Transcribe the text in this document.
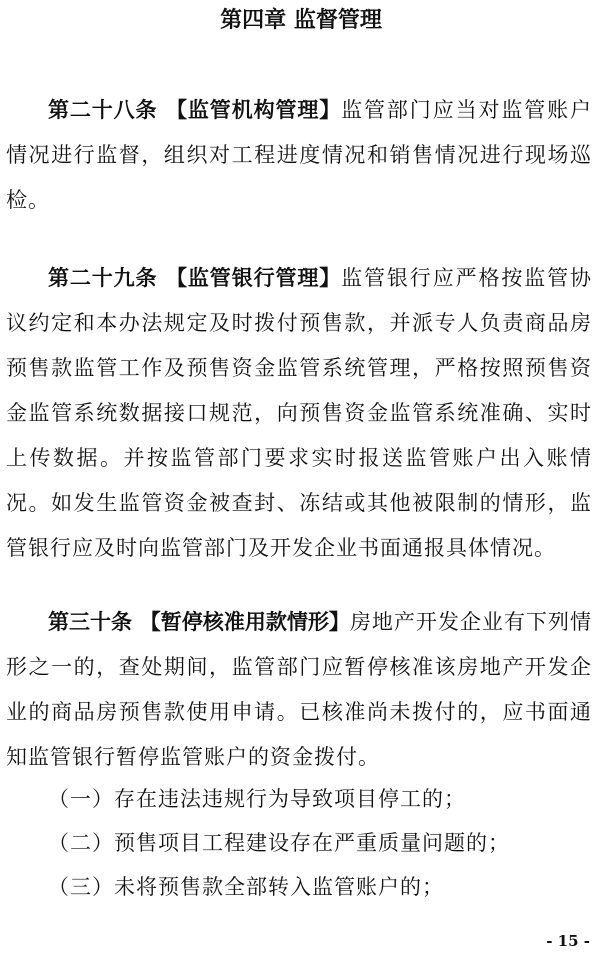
第四章 监督管理
第二十八条 【监管机构管理】监管部门应当对监管账户情况进行监督，组织对工程进度情况和销售情况进行现场巡检。
第二十九条 【监管银行管理】监管银行应严格按监管协议约定和本办法规定及时拨付预售款，并派专人负责商品房预售款监管工作及预售资金监管系统管理，严格按照预售资金监管系统数据接口规范，向预售资金监管系统准确、实时上传数据。并按监管部门要求实时报送监管账户出入账情况。如发生监管资金被查封、冻结或其他被限制的情形，监管银行应及时向监管部门及开发企业书面通报具体情况。
第三十条 【暂停核准用款情形】房地产开发企业有下列情形之一的，查处期间，监管部门应暂停核准该房地产开发企业的商品房预售款使用申请。已核准尚未拨付的，应书面通知监管银行暂停监管账户的资金拨付。
（一）存在违法违规行为导致项目停工的；
（二）预售项目工程建设存在严重质量问题的；
（三）未将预售款全部转入监管账户的；
- 15 -
